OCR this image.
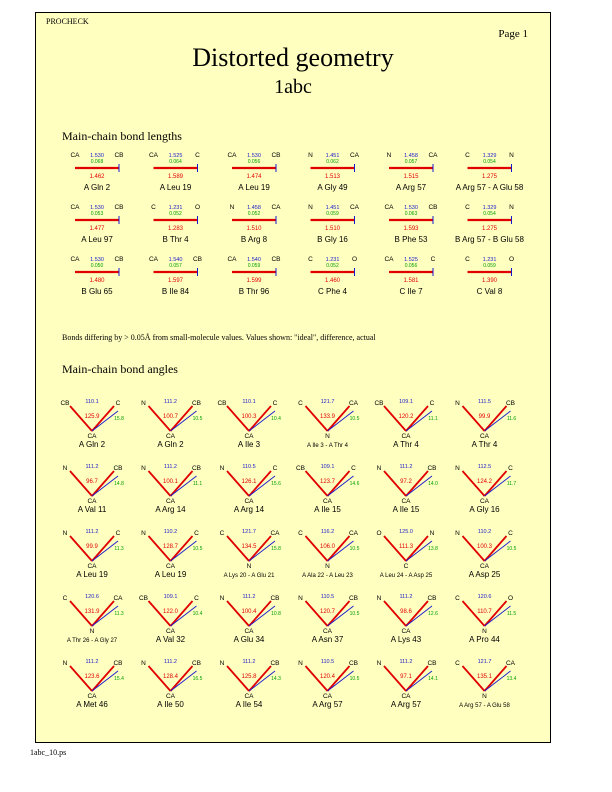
PROCHECK
Page 1
Distorted geometry
1abc
Main-chain bond lengths
CA	CB
1.530
0.068
1.462
A Gln 2
CA	C
1.525
0.064
1.589
A Leu 19
CA	CB
1.530
0.056
1.474
A Leu 19
N	CA
1.451
0.062
1.513
A Gly 49
N	CA
1.458
0.057
1.515
A Arg 57
C	N
1.329
0.054
1.275
A Arg 57 - A Glu 58
CA	CB
1.530
0.053
1.477
A Leu 97
C	O
1.231
0.052
1.283
B Thr 4
N	CA
1.458
0.052
1.510
B Arg 8
N	CA
1.451
0.059
1.510
B Gly 16
CA	CB
1.530
0.063
1.593
B Phe 53
C	N
1.329
0.054
1.275
B Arg 57 - B Glu 58
CA	CB
1.530
0.050
1.480
B Glu 65
CA	CB
1.540
0.057
1.597
B Ile 84
CA	CB
1.540
0.059
1.599
B Thr 96
C	O
1.231
0.052
1.460
C Phe 4
CA	C
1.525
0.056
1.581
C Ile 7
C	O
1.231
0.059
1.390
C Val 8
CB	C
CA
110.1
125.9	15.8
A Gln 2
N	CB
CA
111.2
100.7	10.5
A Gln 2
CB	C
CA
110.1
100.3	10.4
A Ile 3
C	CA
N
121.7
133.9	10.5
A Ile 3 - A Thr 4
CB	C
CA
109.1
120.2	11.1
A Thr 4
N	CB
CA
111.5
99.9	11.6
A Thr 4
N	CB
CA
111.2
96.7	14.8
A Val 11
N	CB
CA
111.2
100.1	11.1
A Arg 14
N	C
CA
110.5
126.1	15.6
A Arg 14
CB	C
CA
109.1
123.7	14.6
A Ile 15
N	CB
CA
111.2
97.2	14.0
A Ile 15
N	C
CA
112.5
124.2	11.7
A Gly 16
N	C
CA
111.2
99.9	11.3
A Leu 19
N	C
CA
110.2
128.7	10.5
A Leu 19
C	CA
N
121.7
134.5	15.8
A Lys 20 - A Glu 21
C	CA
N
116.2
106.0	10.5
A Ala 22 - A Leu 23
O	N
C
125.0
111.3	13.8
A Leu 24 - A Asp 25
N	C
CA
110.2
100.3	10.5
A Asp 25
C	CA
N
120.6
131.9	11.3
A Thr 26 - A Gly 27
CB	C
CA
109.1
122.0	10.4
A Val 32
N	CB
CA
111.2
100.4	10.8
A Glu 34
N	CB
CA
110.5
120.7	10.5
A Asn 37
N	CB
CA
111.2
98.6	12.6
A Lys 43
C	O
N
120.6
110.7	11.5
A Pro 44
N	CB
CA
111.2
123.6	15.4
A Met 46
N	CB
CA
111.2
128.4	16.5
A Ile 50
N	CB
CA
111.2
125.8	14.3
A Ile 54
N	CB
CA
110.5
120.4	10.5
A Arg 57
N	CB
CA
111.2
97.1	14.1
A Arg 57
C	CA
N
121.7
135.1	13.4
A Arg 57 - A Glu 58
Bonds differing by > 0.05Å from small-molecule values. Values shown: "ideal", difference, actual
Main-chain bond angles
1abc_10.ps
